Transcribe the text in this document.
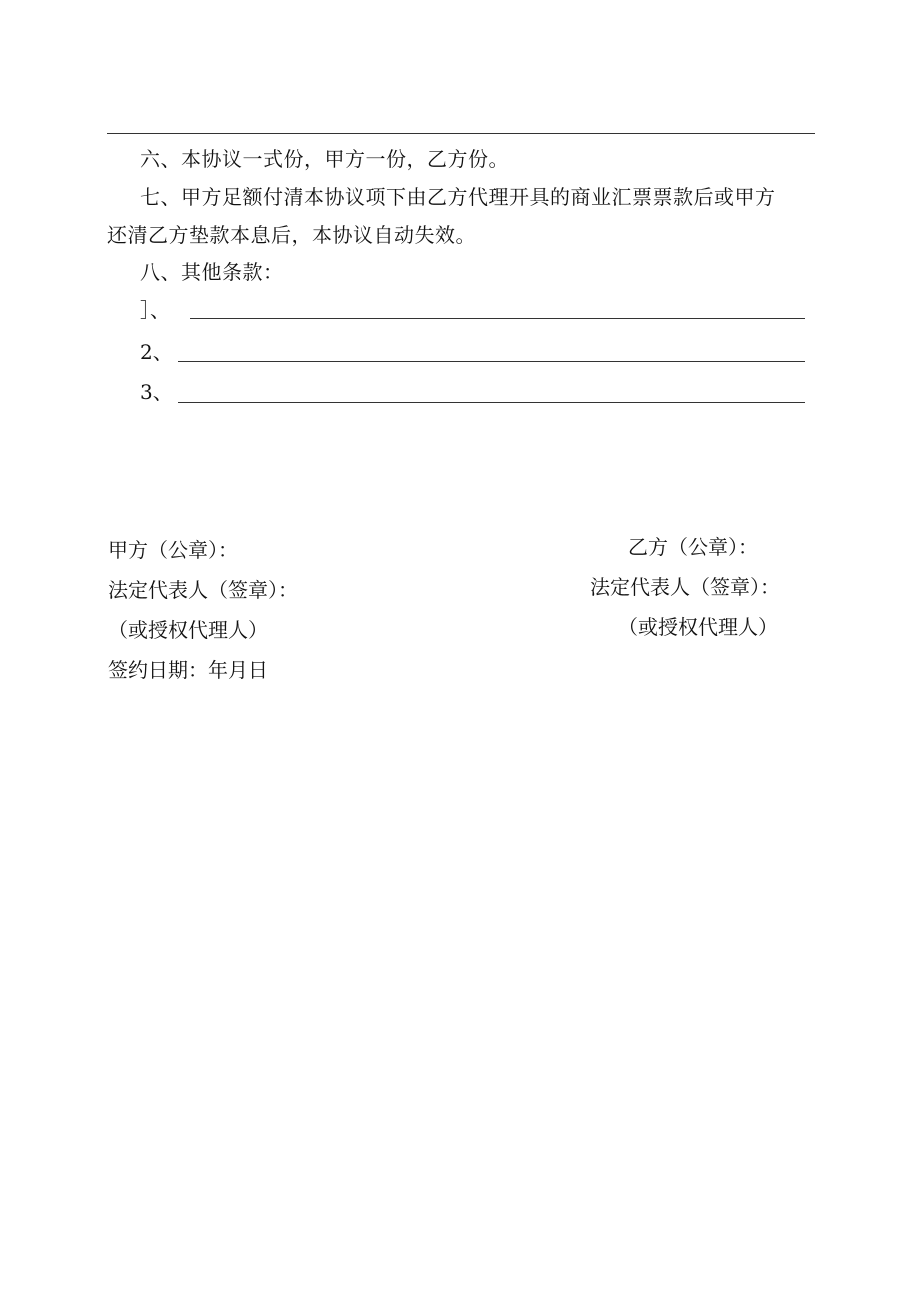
六、本协议一式份，甲方一份，乙方份。
七、甲方足额付清本协议项下由乙方代理开具的商业汇票票款后或甲方
还清乙方垫款本息后，本协议自动失效。
八、其他条款：
］、
2、
3、
甲方（公章）：
法定代表人（签章）：
（或授权代理人）
签约日期：年月日
乙方（公章）：
法定代表人（签章）：
（或授权代理人）
